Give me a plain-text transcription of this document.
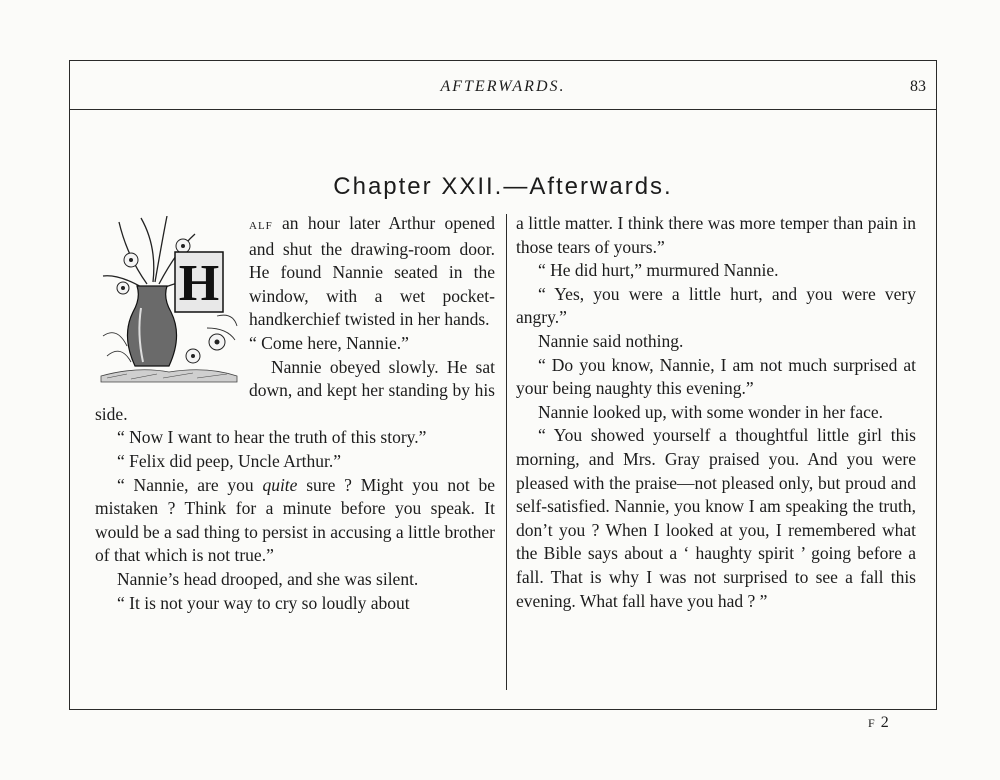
AFTERWARDS.	83
Chapter XXII.—Afterwards.
H

alf an hour later Arthur opened and shut the drawing-room door. He found Nannie seated in the window, with a wet pocket-handkerchief twisted in her hands.

“ Come here, Nannie.”

Nannie obeyed slowly. He sat down, and kept her standing by his side.

“ Now I want to hear the truth of this story.”

“ Felix did peep, Uncle Arthur.”

“ Nannie, are you quite sure ? Might you not be mistaken ? Think for a minute before you speak. It would be a sad thing to persist in accusing a little brother of that which is not true.”

Nannie’s head drooped, and she was silent.

“ It is not your way to cry so loudly about

a little matter. I think there was more temper than pain in those tears of yours.”

“ He did hurt,” murmured Nannie.

“ Yes, you were a little hurt, and you were very angry.”

Nannie said nothing.

“ Do you know, Nannie, I am not much surprised at your being naughty this evening.”

Nannie looked up, with some wonder in her face.

“ You showed yourself a thoughtful little girl this morning, and Mrs. Gray praised you. And you were pleased with the praise—not pleased only, but proud and self-satisfied. Nannie, you know I am speaking the truth, don’t you ? When I looked at you, I remembered what the Bible says about a ‘ haughty spirit ’ going before a fall. That is why I was not surprised to see a fall this evening. What fall have you had ? ”

F2
